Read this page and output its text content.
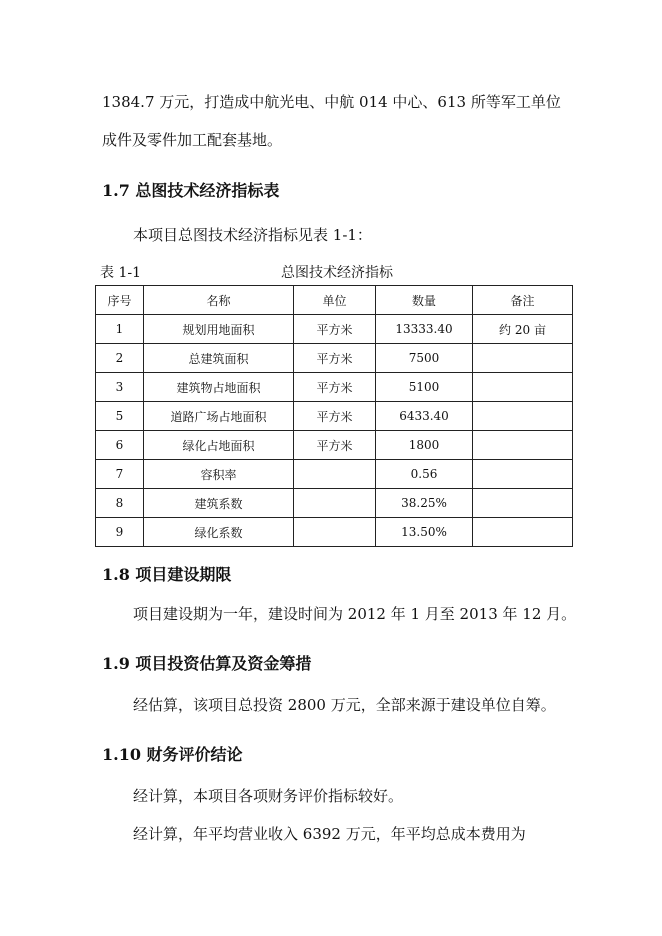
1384.7 万元，打造成中航光电、中航 014 中心、613 所等军工单位
成件及零件加工配套基地。
1.7 总图技术经济指标表
本项目总图技术经济指标见表 1-1：
表 1-1	总图技术经济指标
序号	名称	单位	数量	备注
1	规划用地面积	平方米	13333.40	约 20 亩
2	总建筑面积	平方米	7500	
3	建筑物占地面积	平方米	5100	
5	道路广场占地面积	平方米	6433.40	
6	绿化占地面积	平方米	1800	
7	容积率		0.56	
8	建筑系数		38.25%	
9	绿化系数		13.50%	
1.8 项目建设期限
项目建设期为一年，建设时间为 2012 年 1 月至 2013 年 12 月。
1.9 项目投资估算及资金筹措
经估算，该项目总投资 2800 万元，全部来源于建设单位自筹。
1.10 财务评价结论
经计算，本项目各项财务评价指标较好。
经计算，年平均营业收入 6392 万元，年平均总成本费用为
